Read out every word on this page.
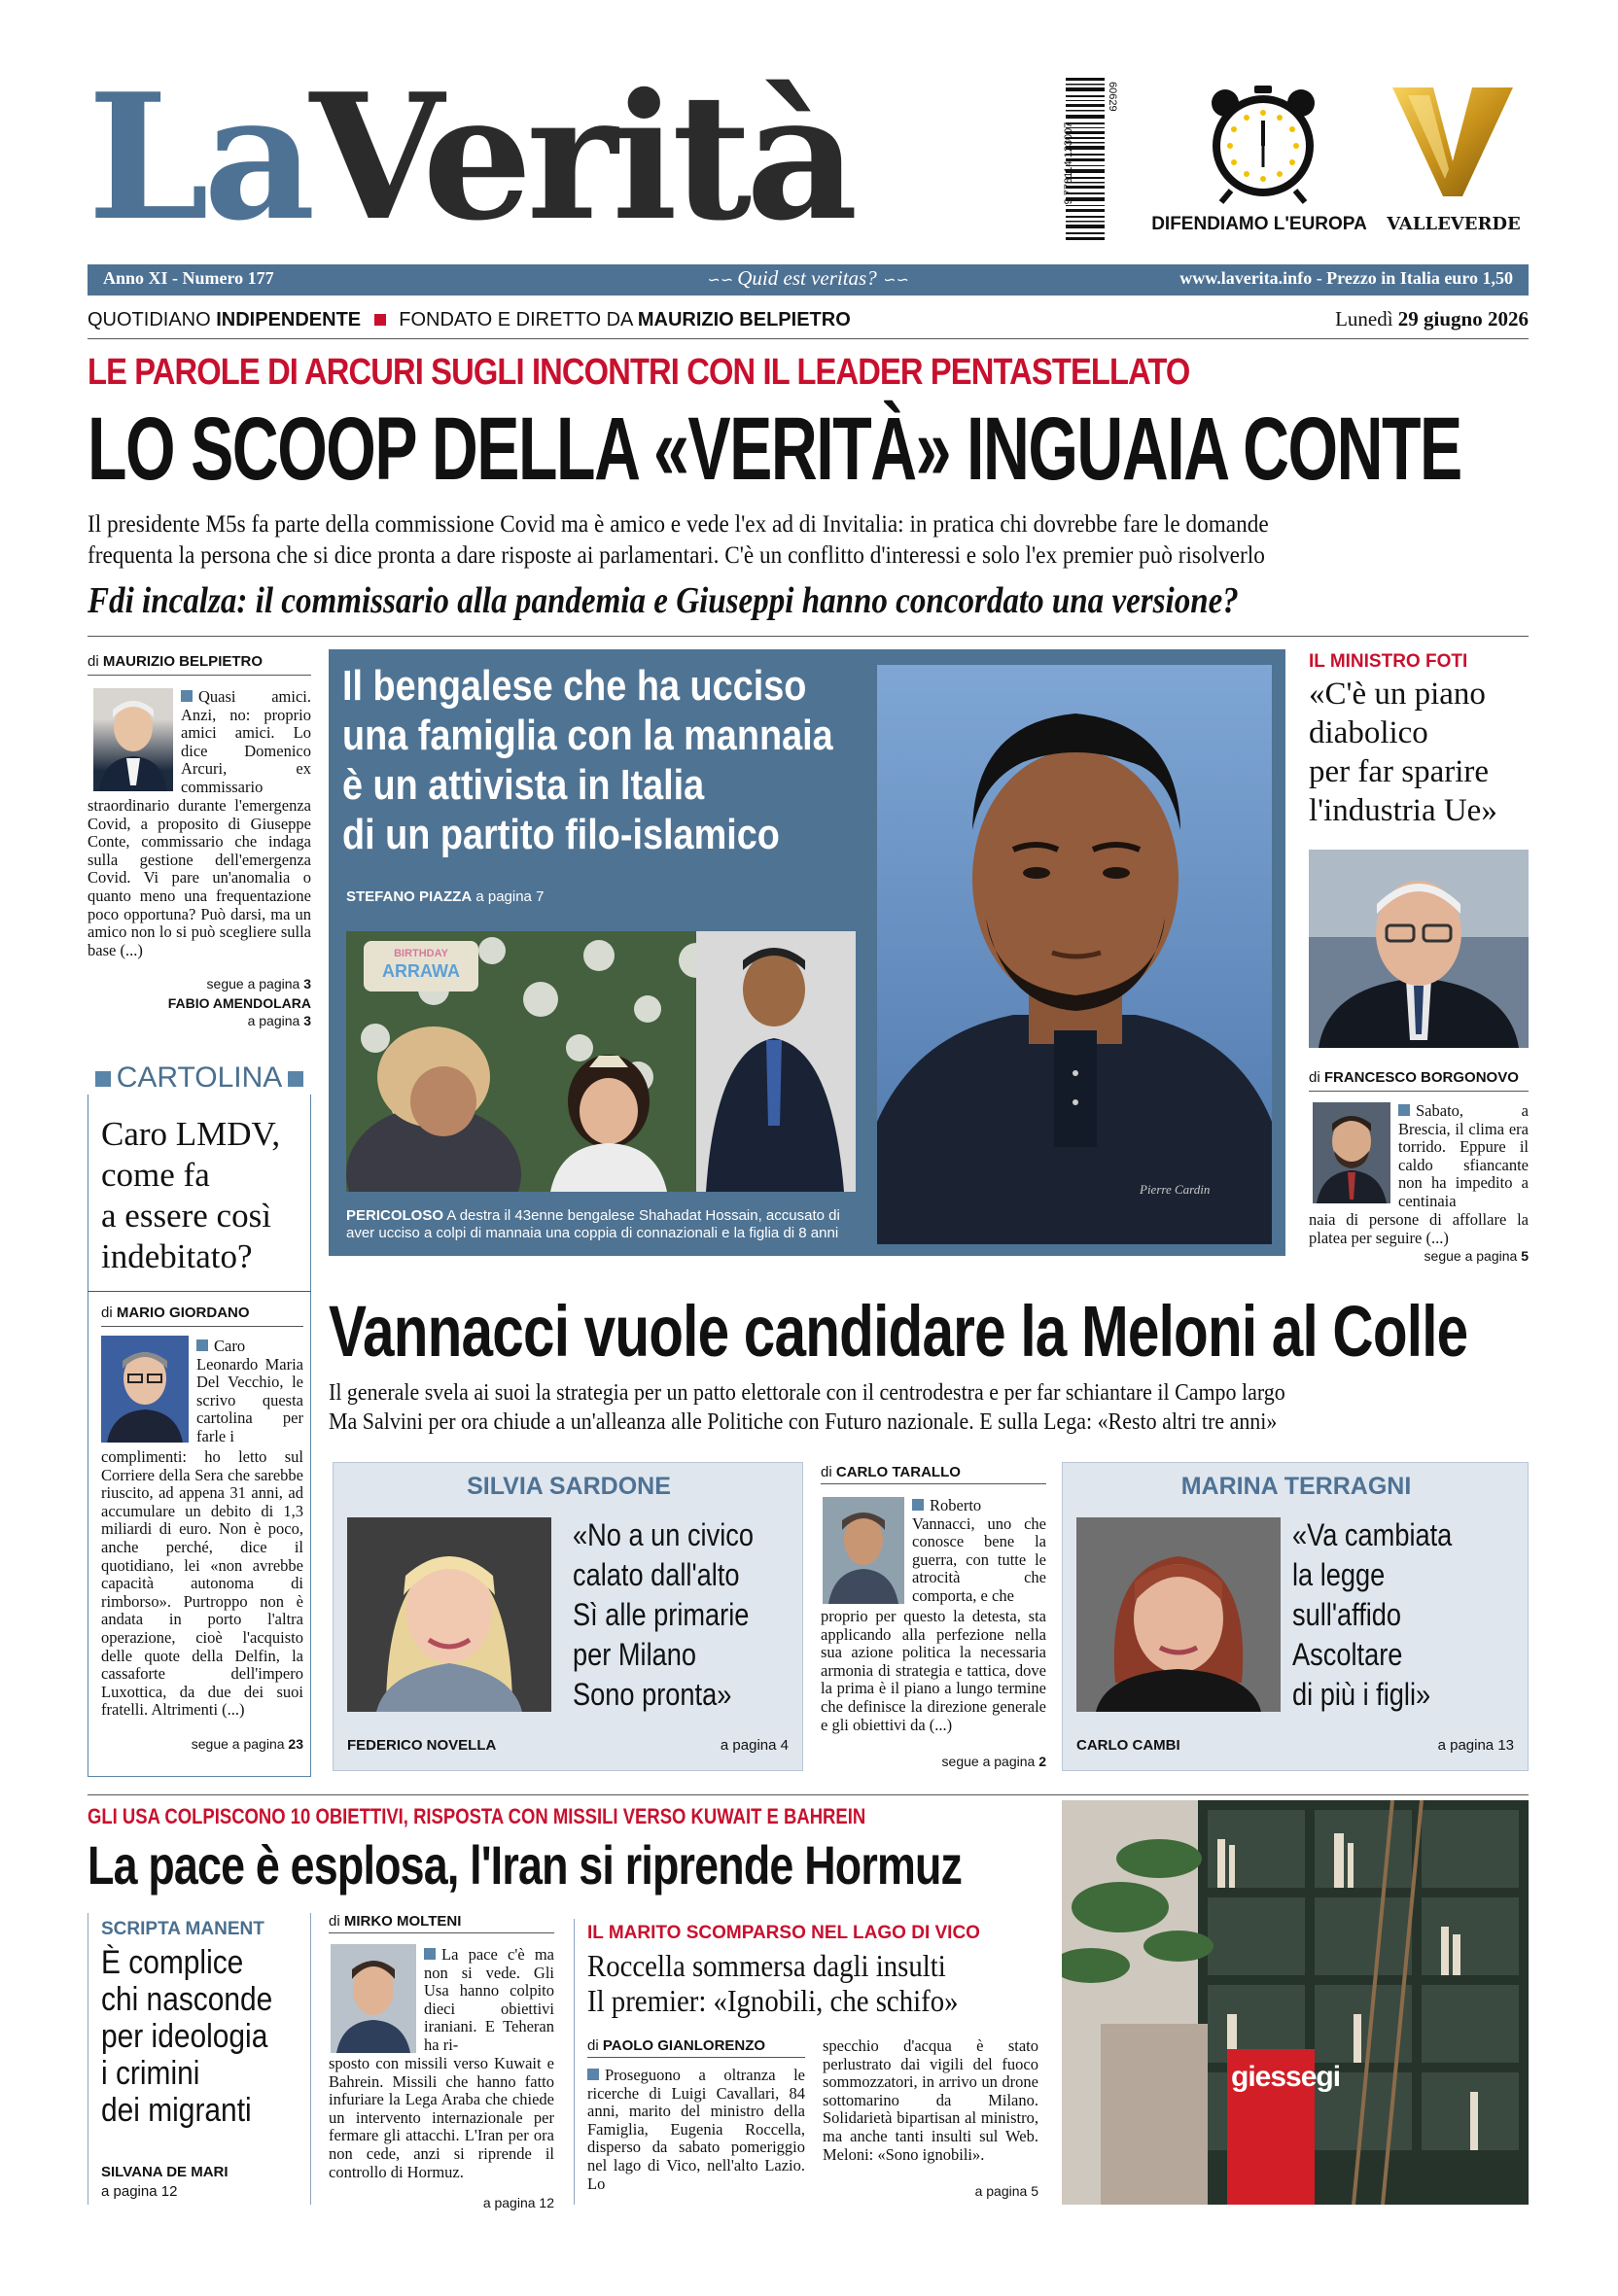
LaVerità	9 778114 123007
60629
DIFENDIAMO L'EUROPA	VALLEVERDE
Anno XI - Numero 177	∽∽ Quid est veritas? ∽∽	www.laverita.info - Prezzo in Italia euro 1,50
QUOTIDIANO INDIPENDENTE FONDATO E DIRETTO DA MAURIZIO BELPIETRO	Lunedì 29 giugno 2026
LE PAROLE DI ARCURI SUGLI INCONTRI CON IL LEADER PENTASTELLATO
LO SCOOP DELLA «VERITÀ» INGUAIA CONTE
Il presidente M5s fa parte della commissione Covid ma è amico e vede l'ex ad di Invitalia: in pratica chi dovrebbe fare le domande
frequenta la persona che si dice pronta a dare risposte ai parlamentari. C'è un conflitto d'interessi e solo l'ex premier può risolverlo
Fdi incalza: il commissario alla pandemia e Giuseppi hanno concordato una versione?
di MAURIZIO BELPIETRO
Quasi amici. Anzi, no: proprio amici amici. Lo dice Domenico Arcuri, ex commissario
straordinario durante l'emergenza Covid, a proposito di Giuseppe Conte, commissario che indaga sulla gestione dell'emergenza Covid. Vi pare un'anomalia o quanto meno una frequentazione poco opportuna? Può darsi, ma un amico non lo si può scegliere sulla base (...)
segue a pagina 3
FABIO AMENDOLARA
a pagina 3
Il bengalese che ha ucciso
una famiglia con la mannaia
è un attivista in Italia
di un partito filo-islamico
STEFANO PIAZZA a pagina 7
BIRTHDAY
ARRAWA
PERICOLOSO A destra il 43enne bengalese Shahadat Hossain, accusato di aver ucciso a colpi di mannaia una coppia di connazionali e la figlia di 8 anni
Pierre Cardin
IL MINISTRO FOTI
«C'è un piano
diabolico
per far sparire
l'industria Ue»
di FRANCESCO BORGONOVO
Sabato, a Brescia, il clima era torrido. Eppure il caldo sfiancante non ha impedito a centinaia
naia di persone di affollare la platea per seguire (...)
segue a pagina 5
CARTOLINA
Caro LMDV,
come fa
a essere così
indebitato?
di MARIO GIORDANO
Caro Leonardo Maria Del Vecchio, le scrivo questa cartolina per farle i
complimenti: ho letto sul Corriere della Sera che sarebbe riuscito, ad appena 31 anni, ad accumulare un debito di 1,3 miliardi di euro. Non è poco, anche perché, dice il quotidiano, lei «non avrebbe capacità autonoma di rimborso». Purtroppo non è andata in porto l'altra operazione, cioè l'acquisto delle quote della Delfin, la cassaforte dell'impero Luxottica, da due dei suoi fratelli. Altrimenti (...)
segue a pagina 23
Vannacci vuole candidare la Meloni al Colle
Il generale svela ai suoi la strategia per un patto elettorale con il centrodestra e per far schiantare il Campo largo
Ma Salvini per ora chiude a un'alleanza alle Politiche con Futuro nazionale. E sulla Lega: «Resto altri tre anni»
SILVIA SARDONE
«No a un civico
calato dall'alto
Sì alle primarie
per Milano
Sono pronta»
FEDERICO NOVELLA	a pagina 4
di CARLO TARALLO
Roberto Vannacci, uno che conosce bene la guerra, con tutte le atrocità che comporta, e che
proprio per questo la detesta, sta applicando alla perfezione nella sua azione politica la necessaria armonia di strategia e tattica, dove la prima è il piano a lungo termine che definisce la direzione generale e gli obiettivi da (...)
segue a pagina 2
MARINA TERRAGNI
«Va cambiata
la legge
sull'affido
Ascoltare
di più i figli»
CARLO CAMBI	a pagina 13
GLI USA COLPISCONO 10 OBIETTIVI, RISPOSTA CON MISSILI VERSO KUWAIT E BAHREIN
La pace è esplosa, l'Iran si riprende Hormuz
SCRIPTA MANENT
È complice
chi nasconde
per ideologia
i crimini
dei migranti
SILVANA DE MARI
a pagina 12
di MIRKO MOLTENI
La pace c'è ma non si vede. Gli Usa hanno colpito dieci obiettivi iraniani. E Teheran ha ri-
sposto con missili verso Kuwait e Bahrein. Missili che hanno fatto infuriare la Lega Araba che chiede un intervento internazionale per fermare gli attacchi. L'Iran per ora non cede, anzi si riprende il controllo di Hormuz.
a pagina 12
IL MARITO SCOMPARSO NEL LAGO DI VICO
Roccella sommersa dagli insulti
Il premier: «Ignobili, che schifo»
di PAOLO GIANLORENZO
Proseguono a oltranza le ricerche di Luigi Cavallari, 84 anni, marito del ministro della Famiglia, Eugenia Roccella, disperso da sabato pomeriggio nel lago di Vico, nell'alto Lazio. Lo
specchio d'acqua è stato perlustrato dai vigili del fuoco sommozzatori, in arrivo un drone sottomarino da Milano. Solidarietà bipartisan al ministro, ma anche tanti insulti sul Web. Meloni: «Sono ignobili».
a pagina 5
giessegi
